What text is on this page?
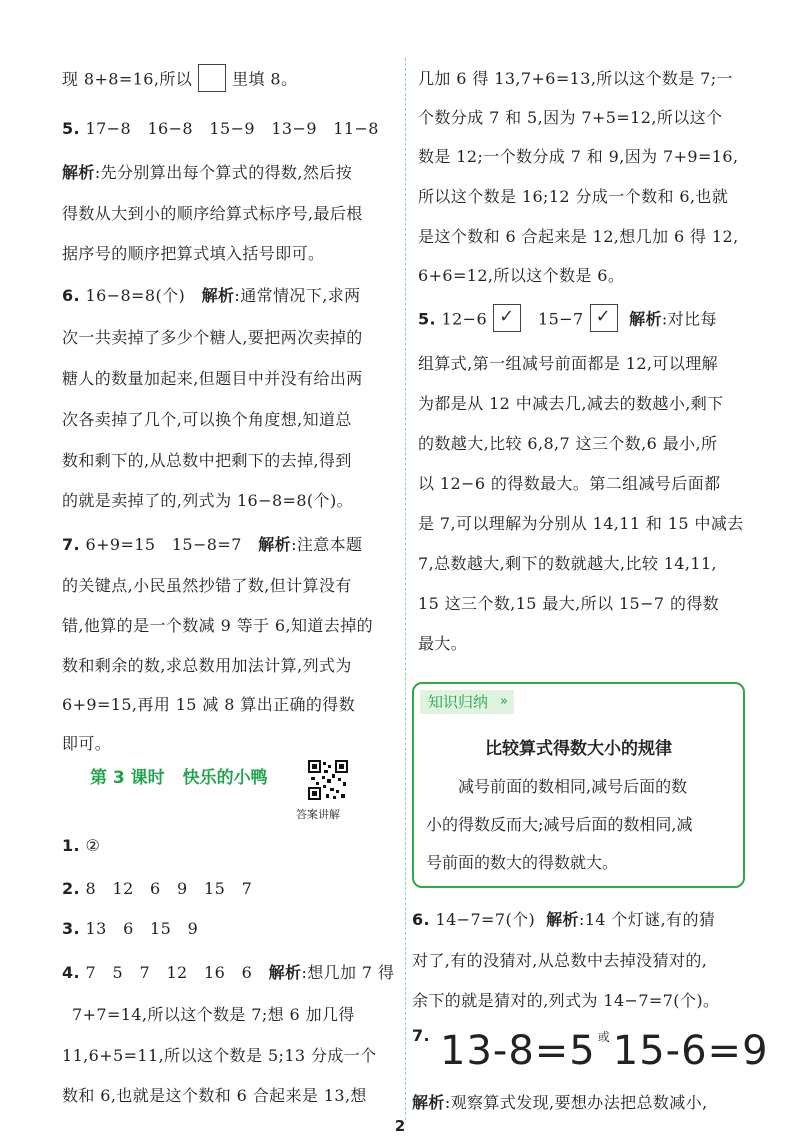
现 8+8=16,所以	里填 8。
5. 17−8　16−8　15−9　13−9　11−8
解析:先分别算出每个算式的得数,然后按
得数从大到小的顺序给算式标序号,最后根
据序号的顺序把算式填入括号即可。
6. 16−8=8(个) 解析:通常情况下,求两
次一共卖掉了多少个糖人,要把两次卖掉的
糖人的数量加起来,但题目中并没有给出两
次各卖掉了几个,可以换个角度想,知道总
数和剩下的,从总数中把剩下的去掉,得到
的就是卖掉了的,列式为 16−8=8(个)。
7. 6+9=15　15−8=7 解析:注意本题
的关键点,小民虽然抄错了数,但计算没有
错,他算的是一个数减 9 等于 6,知道去掉的
数和剩余的数,求总数用加法计算,列式为
6+9=15,再用 15 减 8 算出正确的得数
即可。
第 3 课时 快乐的小鸭
答案讲解
1. ②
2. 8　12　6　9　15　7
3. 13　6　15　9
4. 7　5　7　12　16　6 解析:想几加 7 得
7+7=14,所以这个数是 7;想 6 加几得
11,6+5=11,所以这个数是 5;13 分成一个
数和 6,也就是这个数和 6 合起来是 13,想
几加 6 得 13,7+6=13,所以这个数是 7;一
个数分成 7 和 5,因为 7+5=12,所以这个
数是 12;一个数分成 7 和 9,因为 7+9=16,
所以这个数是 16;12 分成一个数和 6,也就
是这个数和 6 合起来是 12,想几加 6 得 12,
6+6=12,所以这个数是 6。
5. 12−6 ✓	15−7 ✓	解析:对比每
组算式,第一组减号前面都是 12,可以理解
为都是从 12 中减去几,减去的数越小,剩下
的数越大,比较 6,8,7 这三个数,6 最小,所
以 12−6 的得数最大。第二组减号后面都
是 7,可以理解为分别从 14,11 和 15 中减去
7,总数越大,剩下的数就越大,比较 14,11,
15 这三个数,15 最大,所以 15−7 的得数
最大。
知识归纳 »
比较算式得数大小的规律
　　减号前面的数相同,减号后面的数
小的得数反而大;减号后面的数相同,减
号前面的数大的得数就大。
6. 14−7=7(个) 解析:14 个灯谜,有的猜
对了,有的没猜对,从总数中去掉没猜对的,
余下的就是猜对的,列式为 14−7=7(个)。
7.
解析:观察算式发现,要想办法把总数减小,
13-8=5 $^或$15-6=9
2
